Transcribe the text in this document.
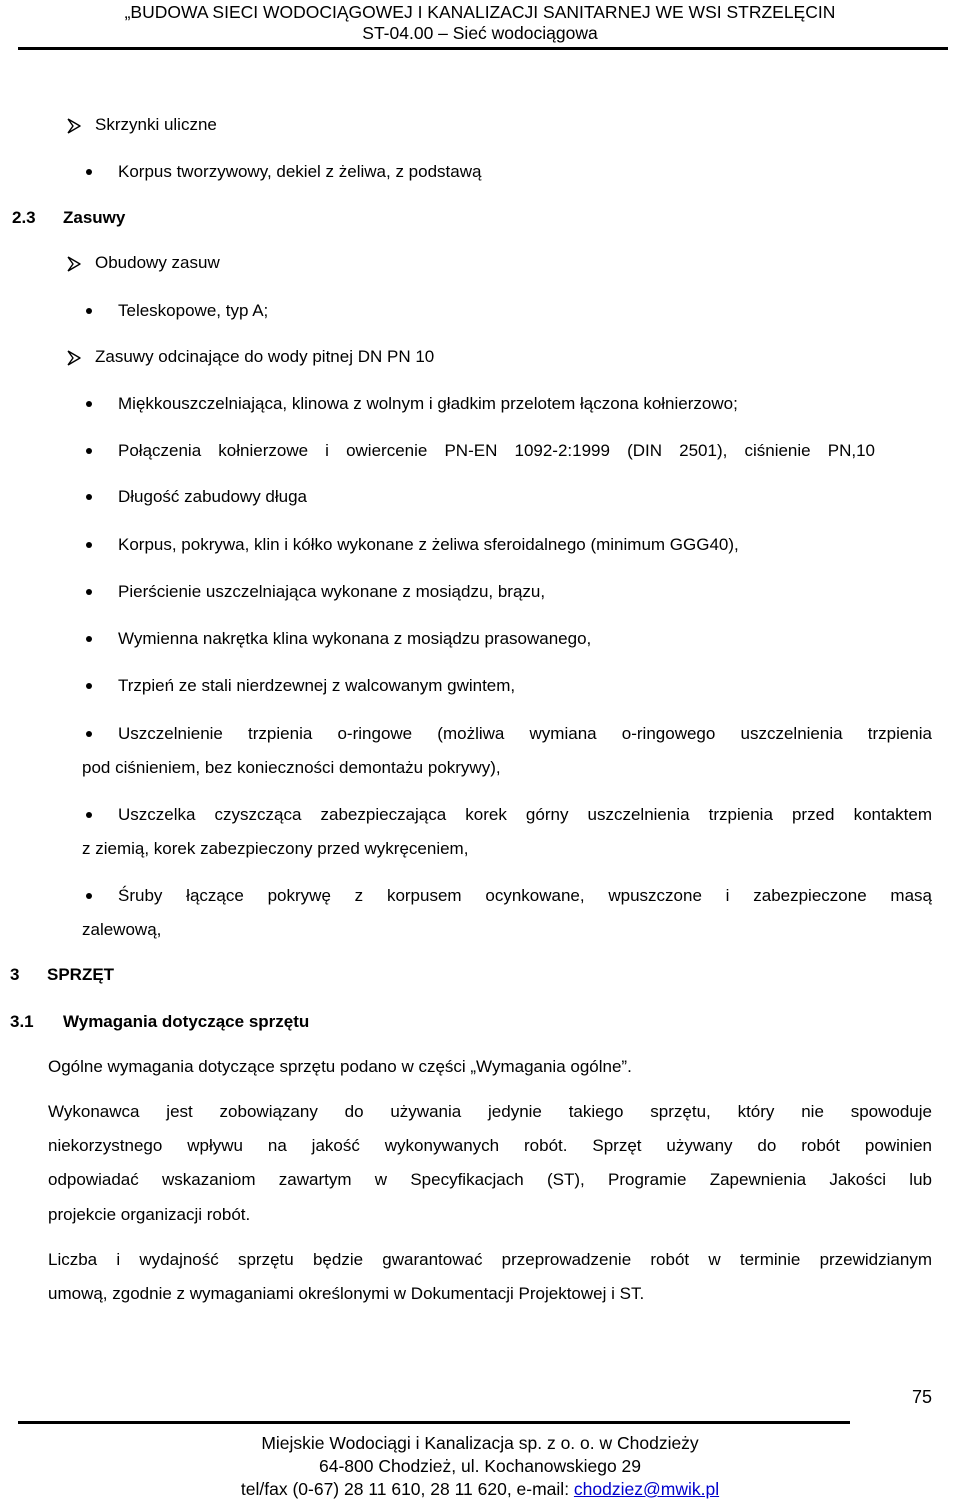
„BUDOWA SIECI WODOCIĄGOWEJ I KANALIZACJI SANITARNEJ WE WSI STRZELĘCIN
ST-04.00 – Sieć wodociągowa
Skrzynki uliczne
Korpus tworzywowy, dekiel z żeliwa, z podstawą
2.3 Zasuwy
Obudowy zasuw
Teleskopowe, typ A;
Zasuwy odcinające do wody pitnej DN PN 10
Miękkouszczelniająca, klinowa z wolnym i gładkim przelotem łączona kołnierzowo;
Połączenia kołnierzowe i owiercenie PN-EN 1092-2:1999 (DIN 2501), ciśnienie PN,10
Długość zabudowy długa
Korpus, pokrywa, klin i kółko wykonane z żeliwa sferoidalnego (minimum GGG40),
Pierścienie uszczelniająca wykonane z mosiądzu, brązu,
Wymienna nakrętka klina wykonana z mosiądzu prasowanego,
Trzpień ze stali nierdzewnej z walcowanym gwintem,
Uszczelnienie trzpienia o-ringowe (możliwa wymiana o-ringowego uszczelnienia trzpienia
pod ciśnieniem, bez konieczności demontażu pokrywy),
Uszczelka czyszcząca zabezpieczająca korek górny uszczelnienia trzpienia przed kontaktem
z ziemią, korek zabezpieczony przed wykręceniem,
Śruby łączące pokrywę z korpusem ocynkowane, wpuszczone i zabezpieczone masą
zalewową,
3 SPRZĘT
3.1 Wymagania dotyczące sprzętu
Ogólne wymagania dotyczące sprzętu podano w części „Wymagania ogólne”.
Wykonawca jest zobowiązany do używania jedynie takiego sprzętu, który nie spowoduje
niekorzystnego wpływu na jakość wykonywanych robót. Sprzęt używany do robót powinien
odpowiadać wskazaniom zawartym w Specyfikacjach (ST), Programie Zapewnienia Jakości lub
projekcie organizacji robót.
Liczba i wydajność sprzętu będzie gwarantować przeprowadzenie robót w terminie przewidzianym
umową, zgodnie z wymaganiami określonymi w Dokumentacji Projektowej i ST.
75
Miejskie Wodociągi i Kanalizacja sp. z o. o. w Chodzieży
64-800 Chodzież, ul. Kochanowskiego 29
tel/fax (0-67) 28 11 610, 28 11 620, e-mail: chodziez@mwik.pl
